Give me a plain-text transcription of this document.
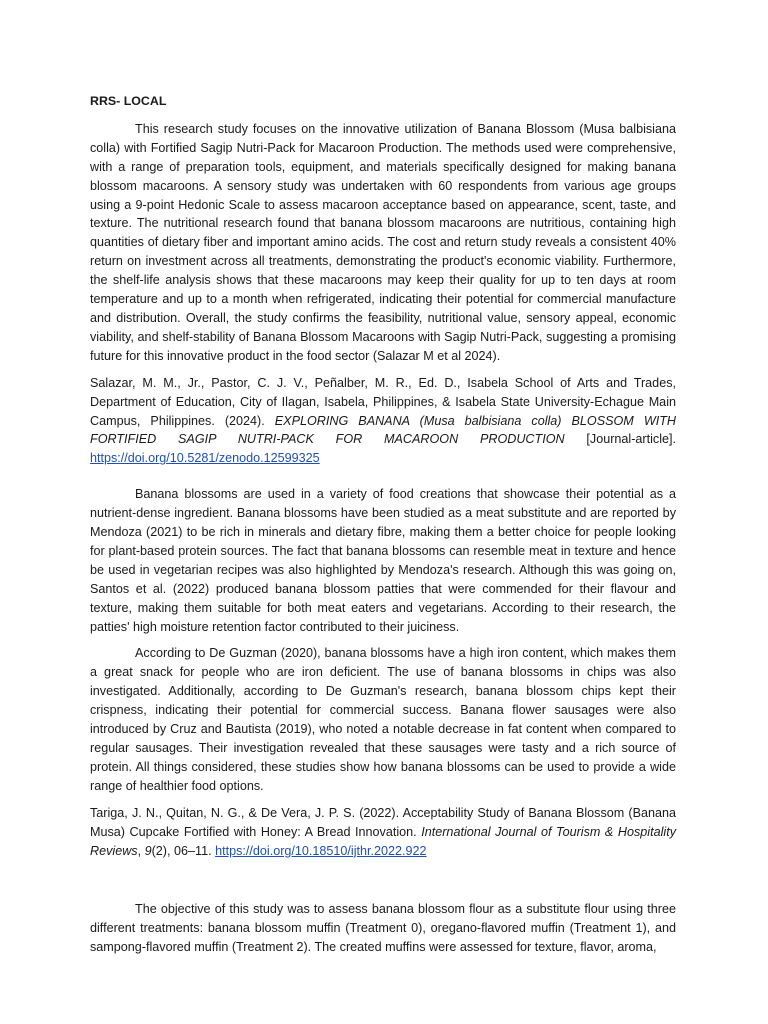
RRS- LOCAL

This research study focuses on the innovative utilization of Banana Blossom (Musa balbisiana colla) with Fortified Sagip Nutri-Pack for Macaroon Production. The methods used were comprehensive, with a range of preparation tools, equipment, and materials specifically designed for making banana blossom macaroons. A sensory study was undertaken with 60 respondents from various age groups using a 9-point Hedonic Scale to assess macaroon acceptance based on appearance, scent, taste, and texture. The nutritional research found that banana blossom macaroons are nutritious, containing high quantities of dietary fiber and important amino acids. The cost and return study reveals a consistent 40% return on investment across all treatments, demonstrating the product's economic viability. Furthermore, the shelf-life analysis shows that these macaroons may keep their quality for up to ten days at room temperature and up to a month when refrigerated, indicating their potential for commercial manufacture and distribution. Overall, the study confirms the feasibility, nutritional value, sensory appeal, economic viability, and shelf-stability of Banana Blossom Macaroons with Sagip Nutri-Pack, suggesting a promising future for this innovative product in the food sector (Salazar M et al 2024).

Salazar, M. M., Jr., Pastor, C. J. V., Peñalber, M. R., Ed. D., Isabela School of Arts and Trades, Department of Education, City of Ilagan, Isabela, Philippines, & Isabela State University-Echague Main Campus, Philippines. (2024). EXPLORING BANANA (Musa balbisiana colla) BLOSSOM WITH FORTIFIED SAGIP NUTRI-PACK FOR MACAROON PRODUCTION [Journal-article]. https://doi.org/10.5281/zenodo.12599325

Banana blossoms are used in a variety of food creations that showcase their potential as a nutrient-dense ingredient. Banana blossoms have been studied as a meat substitute and are reported by Mendoza (2021) to be rich in minerals and dietary fibre, making them a better choice for people looking for plant-based protein sources. The fact that banana blossoms can resemble meat in texture and hence be used in vegetarian recipes was also highlighted by Mendoza's research. Although this was going on, Santos et al. (2022) produced banana blossom patties that were commended for their flavour and texture, making them suitable for both meat eaters and vegetarians. According to their research, the patties' high moisture retention factor contributed to their juiciness.

According to De Guzman (2020), banana blossoms have a high iron content, which makes them a great snack for people who are iron deficient. The use of banana blossoms in chips was also investigated. Additionally, according to De Guzman's research, banana blossom chips kept their crispness, indicating their potential for commercial success. Banana flower sausages were also introduced by Cruz and Bautista (2019), who noted a notable decrease in fat content when compared to regular sausages. Their investigation revealed that these sausages were tasty and a rich source of protein. All things considered, these studies show how banana blossoms can be used to provide a wide range of healthier food options.

Tariga, J. N., Quitan, N. G., & De Vera, J. P. S. (2022). Acceptability Study of Banana Blossom (Banana Musa) Cupcake Fortified with Honey: A Bread Innovation. International Journal of Tourism & Hospitality Reviews, 9(2), 06–11. https://doi.org/10.18510/ijthr.2022.922

The objective of this study was to assess banana blossom flour as a substitute flour using three different treatments: banana blossom muffin (Treatment 0), oregano-flavored muffin (Treatment 1), and sampong-flavored muffin (Treatment 2). The created muffins were assessed for texture, flavor, aroma,
